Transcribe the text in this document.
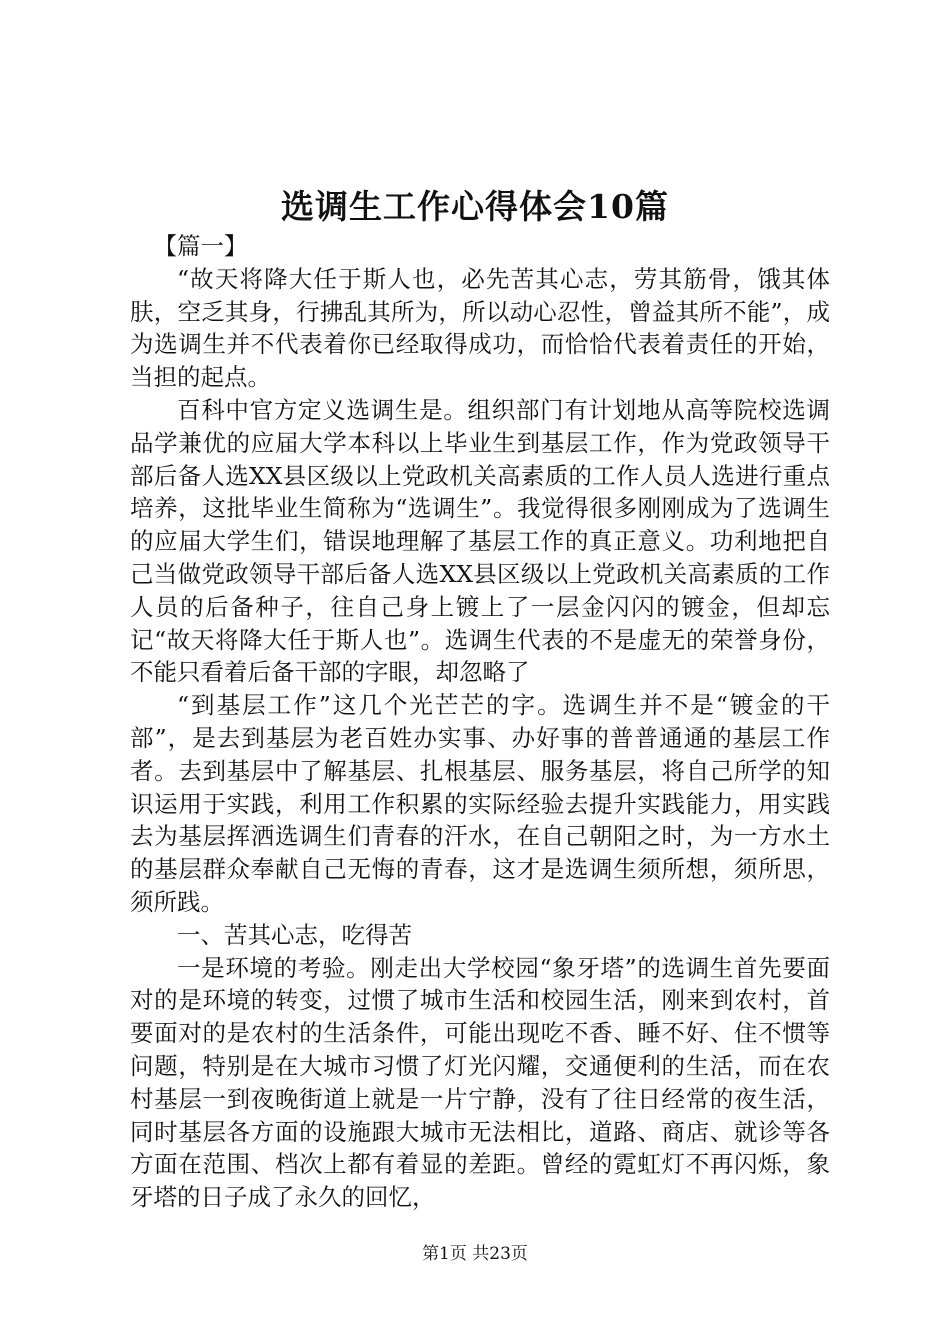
选调生工作心得体会10篇

【篇一】

“故天将降大任于斯人也，必先苦其心志，劳其筋骨，饿其体肤，空乏其身，行拂乱其所为，所以动心忍性，曾益其所不能”，成为选调生并不代表着你已经取得成功，而恰恰代表着责任的开始，当担的起点。

百科中官方定义选调生是。组织部门有计划地从高等院校选调品学兼优的应届大学本科以上毕业生到基层工作，作为党政领导干部后备人选XX县区级以上党政机关高素质的工作人员人选进行重点培养，这批毕业生简称为“选调生”。我觉得很多刚刚成为了选调生的应届大学生们，错误地理解了基层工作的真正意义。功利地把自己当做党政领导干部后备人选XX县区级以上党政机关高素质的工作人员的后备种子，往自己身上镀上了一层金闪闪的镀金，但却忘记“故天将降大任于斯人也”。选调生代表的不是虚无的荣誉身份，不能只看着后备干部的字眼，却忽略了

“到基层工作”这几个光芒芒的字。选调生并不是“镀金的干部”，是去到基层为老百姓办实事、办好事的普普通通的基层工作者。去到基层中了解基层、扎根基层、服务基层，将自己所学的知识运用于实践，利用工作积累的实际经验去提升实践能力，用实践去为基层挥洒选调生们青春的汗水，在自己朝阳之时，为一方水土的基层群众奉献自己无悔的青春，这才是选调生须所想，须所思，须所践。

一、苦其心志，吃得苦

一是环境的考验。刚走出大学校园“象牙塔”的选调生首先要面对的是环境的转变，过惯了城市生活和校园生活，刚来到农村，首要面对的是农村的生活条件，可能出现吃不香、睡不好、住不惯等问题，特别是在大城市习惯了灯光闪耀，交通便利的生活，而在农村基层一到夜晚街道上就是一片宁静，没有了往日经常的夜生活，同时基层各方面的设施跟大城市无法相比，道路、商店、就诊等各方面在范围、档次上都有着显的差距。曾经的霓虹灯不再闪烁，象牙塔的日子成了永久的回忆，

第1页 共23页
